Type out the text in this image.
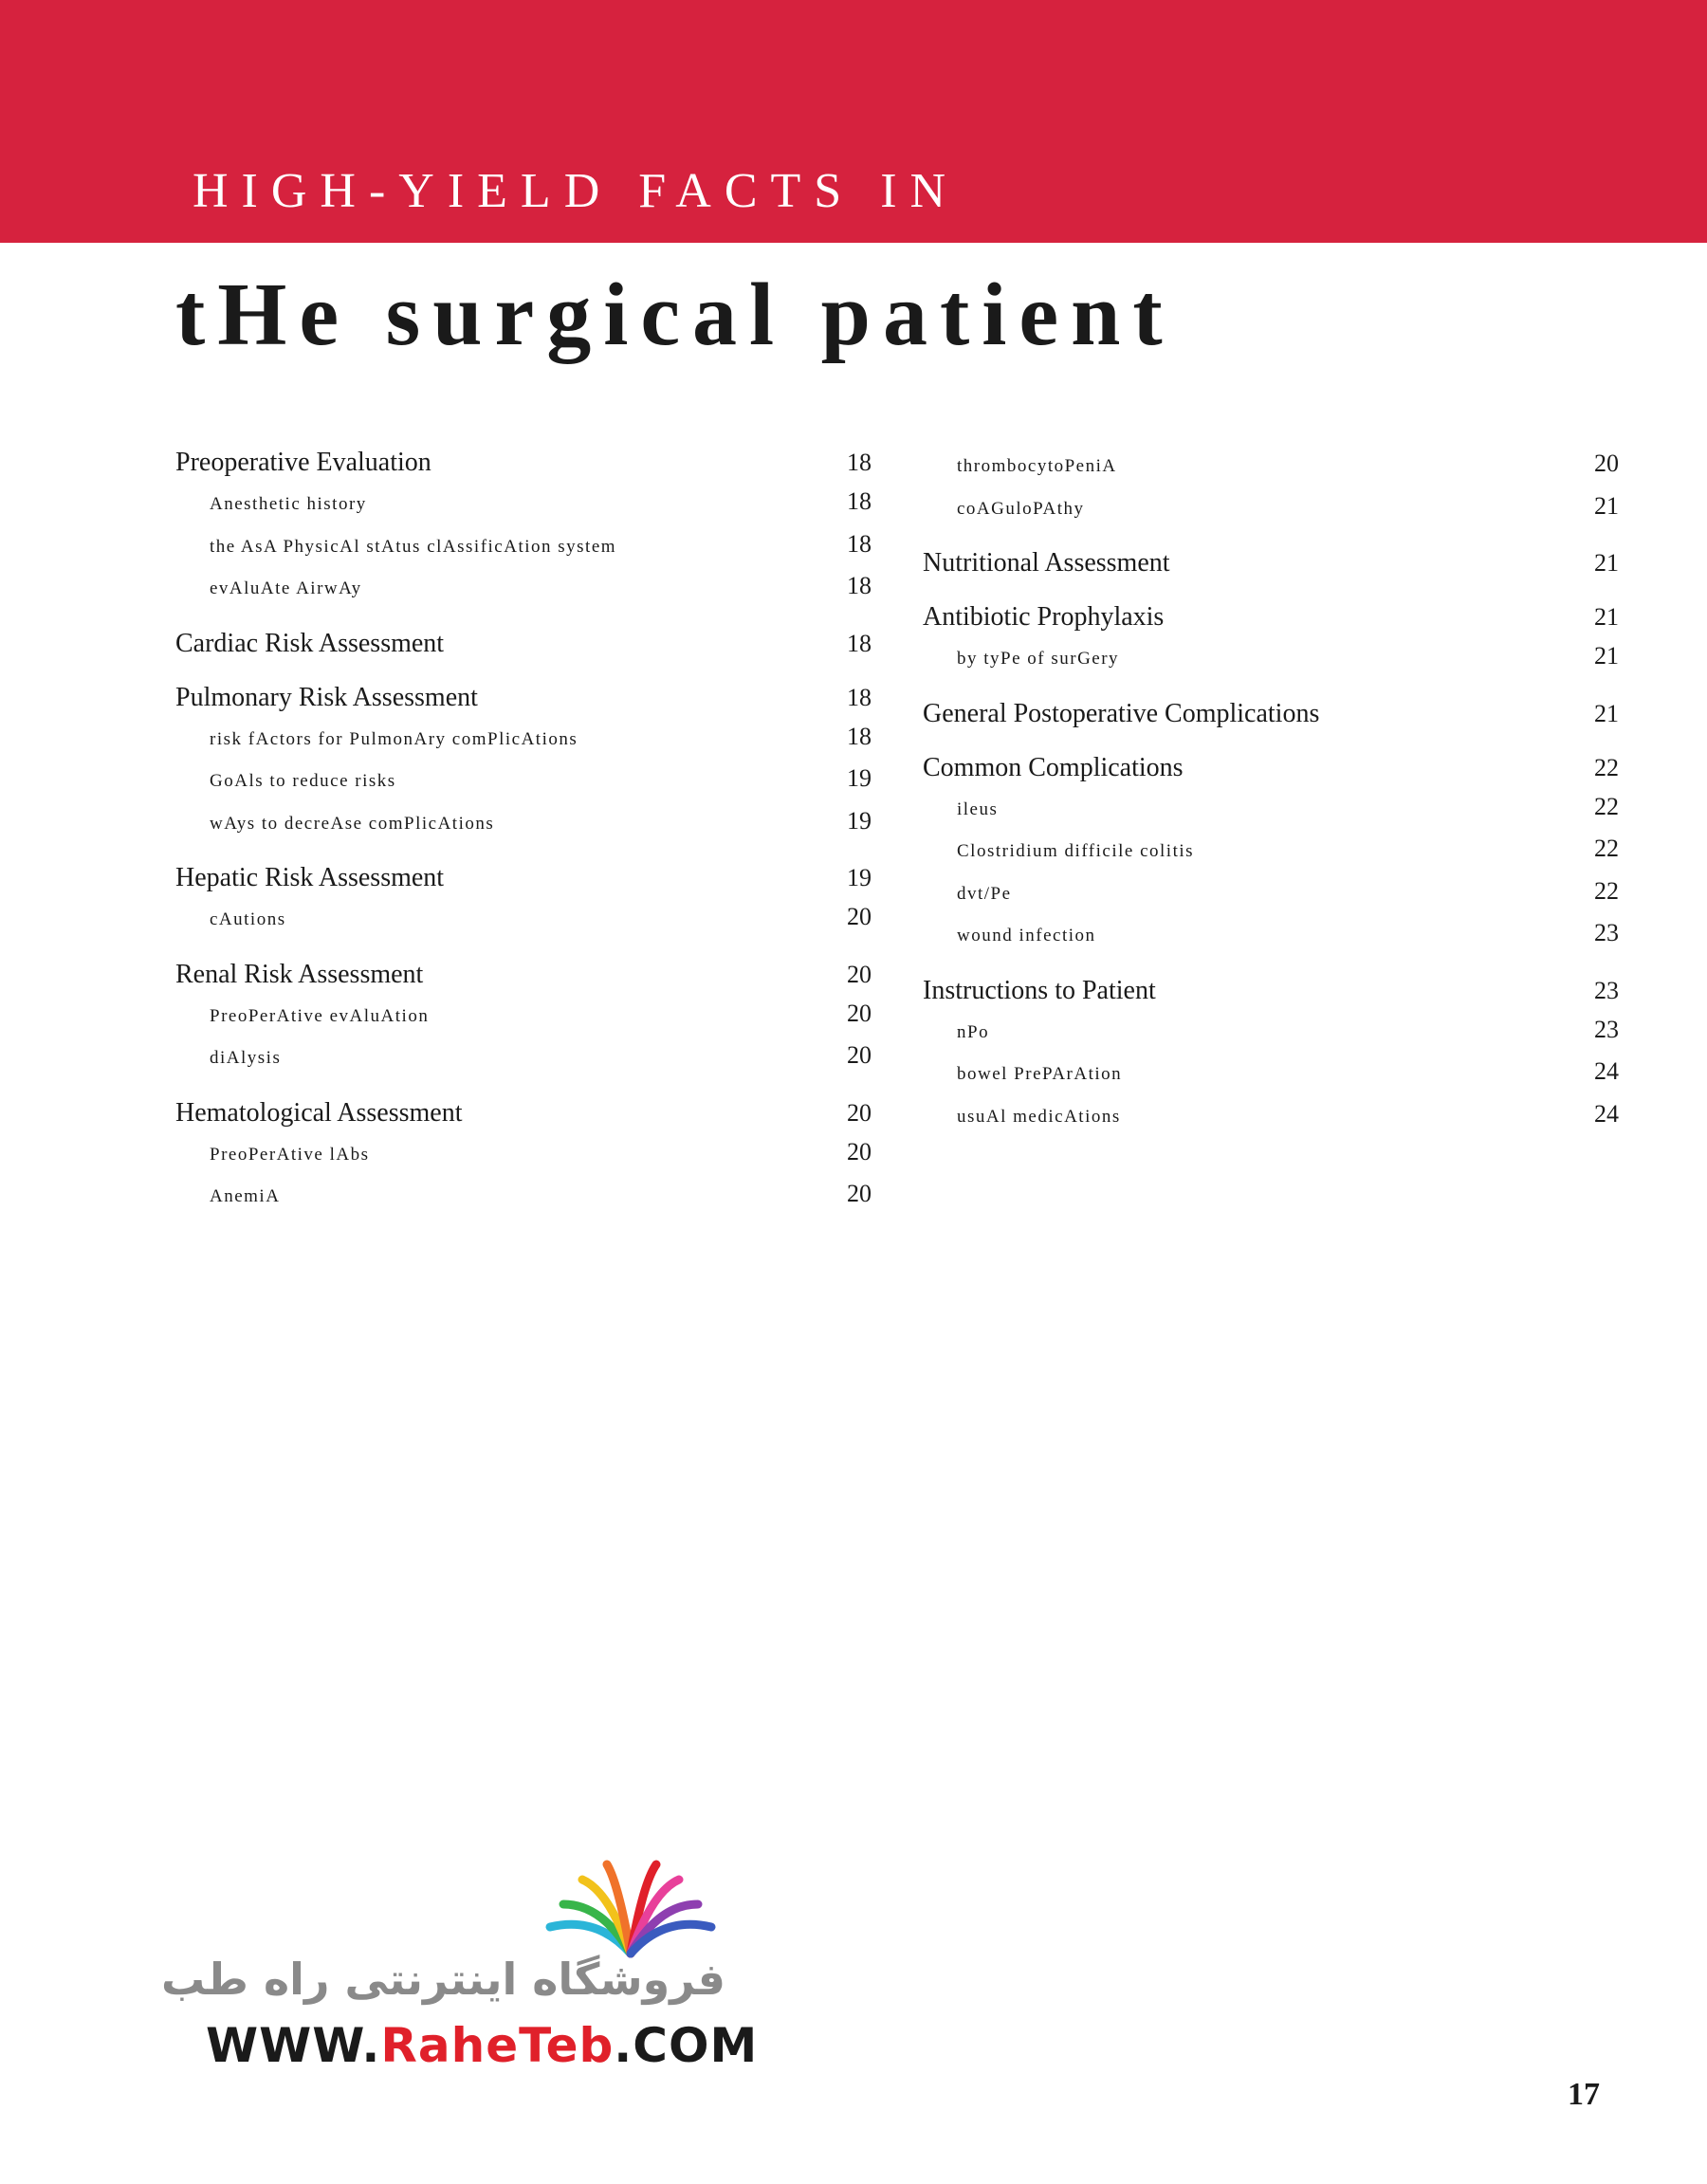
HIGH-YIELD FACTS IN
tHe surgical patient
Preoperative Evaluation	18
Anesthetic history	18
the AsA PhysicAl stAtus clAssificAtion system	18
evAluAte AirwAy	18
Cardiac Risk Assessment	18
Pulmonary Risk Assessment	18
risk fActors for PulmonAry comPlicAtions	18
GoAls to reduce risks	19
wAys to decreAse comPlicAtions	19
Hepatic Risk Assessment	19
cAutions	20
Renal Risk Assessment	20
PreoPerAtive evAluAtion	20
diAlysis	20
Hematological Assessment	20
PreoPerAtive lAbs	20
AnemiA	20
thrombocytoPeniA	20
coAGuloPAthy	21
Nutritional Assessment	21
Antibiotic Prophylaxis	21
by tyPe of surGery	21
General Postoperative Complications	21
Common Complications	22
ileus	22
Clostridium difficile colitis	22
dvt/Pe	22
wound infection	23
Instructions to Patient	23
nPo	23
bowel PrePArAtion	24
usuAl medicAtions	24
فروشگاه اینترنتی راه طب
WWW.RaheTeb.COM
17
